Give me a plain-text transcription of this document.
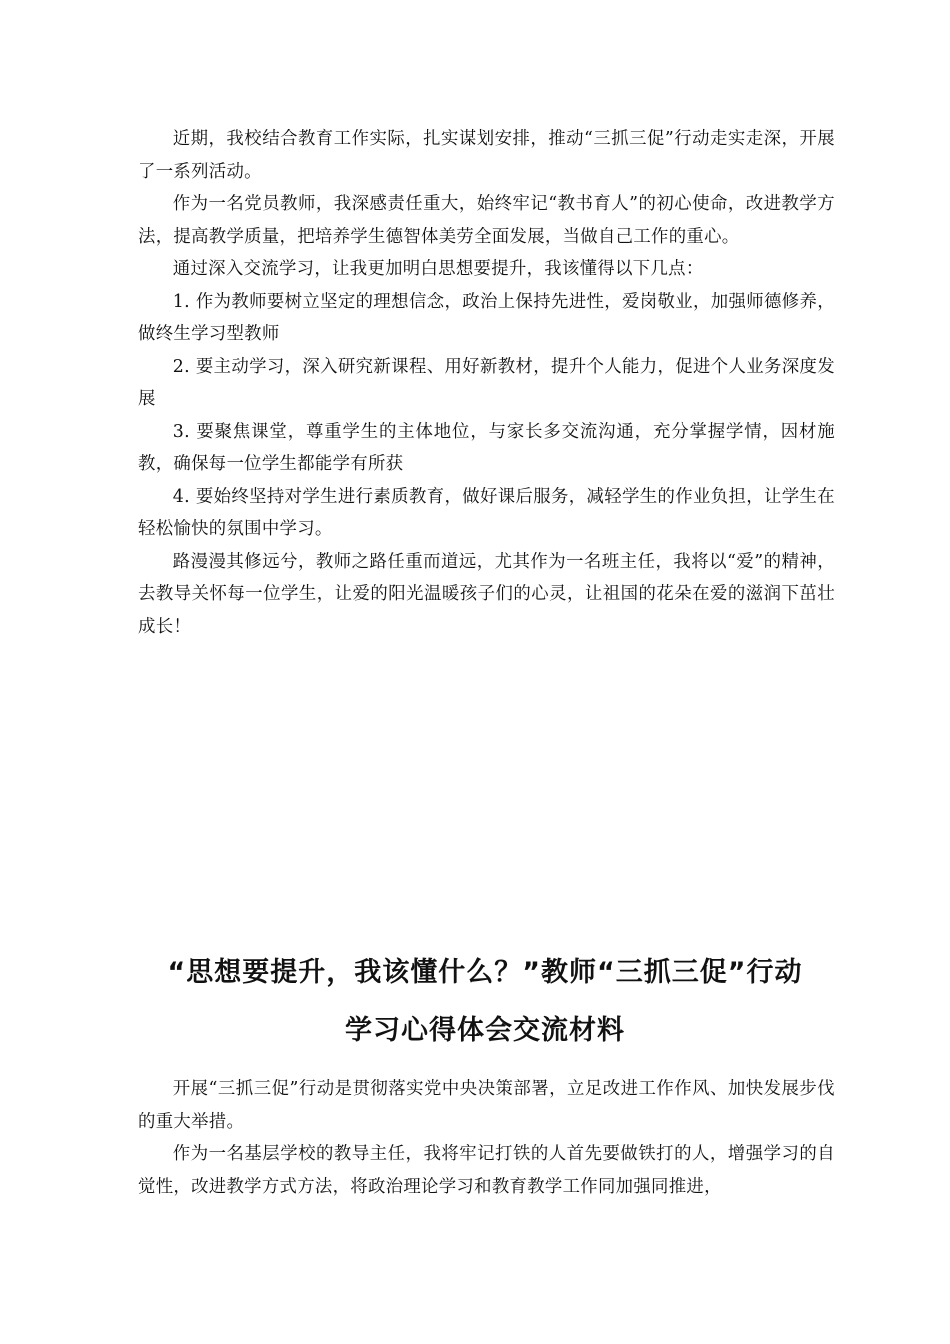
近期，我校结合教育工作实际，扎实谋划安排，推动“三抓三促”行动走实走深，开展了一系列活动。

作为一名党员教师，我深感责任重大，始终牢记“教书育人”的初心使命，改进教学方法，提高教学质量，把培养学生德智体美劳全面发展，当做自己工作的重心。

通过深入交流学习，让我更加明白思想要提升，我该懂得以下几点：

1. 作为教师要树立坚定的理想信念，政治上保持先进性，爱岗敬业，加强师德修养，做终生学习型教师

2. 要主动学习，深入研究新课程、用好新教材，提升个人能力，促进个人业务深度发展

3. 要聚焦课堂，尊重学生的主体地位，与家长多交流沟通，充分掌握学情，因材施教，确保每一位学生都能学有所获

4. 要始终坚持对学生进行素质教育，做好课后服务，减轻学生的作业负担，让学生在轻松愉快的氛围中学习。

路漫漫其修远兮，教师之路任重而道远，尤其作为一名班主任，我将以“爱”的精神，去教导关怀每一位学生，让爱的阳光温暖孩子们的心灵，让祖国的花朵在爱的滋润下茁壮成长！

“思想要提升，我该懂什么？”教师“三抓三促”行动
学习心得体会交流材料

开展“三抓三促”行动是贯彻落实党中央决策部署，立足改进工作作风、加快发展步伐的重大举措。

作为一名基层学校的教导主任，我将牢记打铁的人首先要做铁打的人，增强学习的自觉性，改进教学方式方法，将政治理论学习和教育教学工作同加强同推进，
